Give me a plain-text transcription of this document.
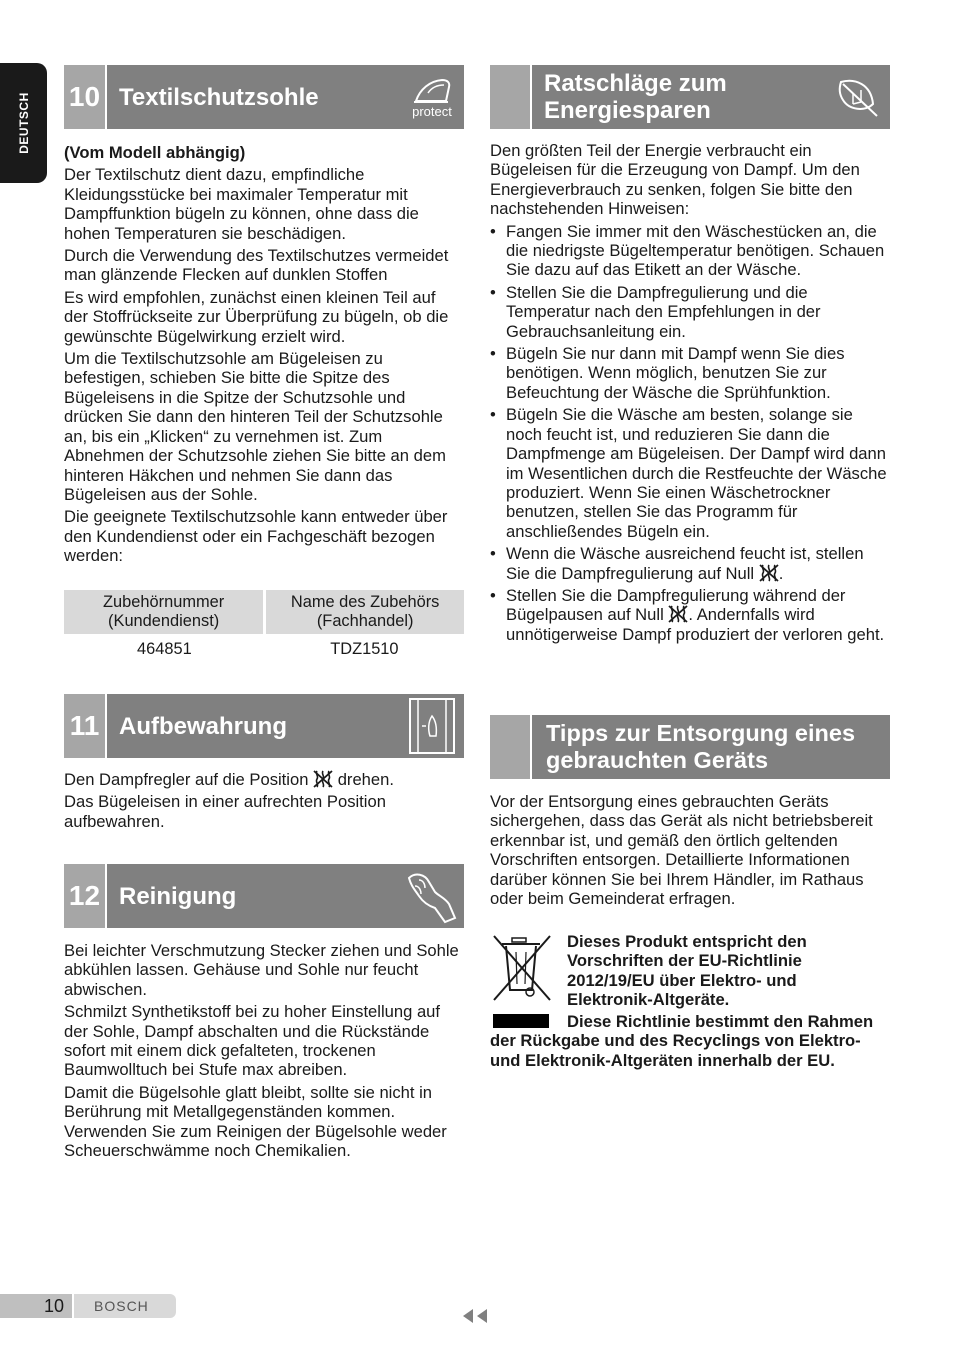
DEUTSCH 10 Textilschutzsohle
protect

(Vom Modell abhängig)

Der Textilschutz dient dazu, empfindliche Kleidungsstücke bei maximaler Temperatur mit Dampffunktion bügeln zu können, ohne dass die hohen Temperaturen sie beschädigen.

Durch die Verwendung des Textilschutzes vermeidet man glänzende Flecken auf dunklen Stoffen

Es wird empfohlen, zunächst einen kleinen Teil auf der Stoffrückseite zur Überprüfung zu bügeln, ob die gewünschte Bügelwirkung erzielt wird.

Um die Textilschutzsohle am Bügeleisen zu befestigen, schieben Sie bitte die Spitze des Bügeleisens in die Spitze der Schutzsohle und drücken Sie dann den hinteren Teil der Schutzsohle an, bis ein „Klicken“ zu vernehmen ist. Zum Abnehmen der Schutzsohle ziehen Sie bitte an dem hinteren Häkchen und nehmen Sie dann das Bügeleisen aus der Sohle.

Die geeignete Textilschutzsohle kann entweder über den Kundendienst oder ein Fachgeschäft bezogen werden:

Zubehörnummer (Kundendienst)	Name des Zubehörs (Fachhandel)
464851	TDZ1510
11 Aufbewahrung

Den Dampfregler auf die Position drehen.

Das Bügeleisen in einer aufrechten Position aufbewahren.

12 Reinigung

Bei leichter Verschmutzung Stecker ziehen und Sohle abkühlen lassen. Gehäuse und Sohle nur feucht abwischen.

Schmilzt Synthetikstoff bei zu hoher Einstellung auf der Sohle, Dampf abschalten und die Rückstände sofort mit einem dick gefalteten, trockenen Baumwolltuch bei Stufe max abreiben.

Damit die Bügelsohle glatt bleibt, sollte sie nicht in Berührung mit Metallgegenständen kommen. Verwenden Sie zum Reinigen der Bügelsohle weder Scheuerschwämme noch Chemikalien.

Ratschläge zum Energiesparen

Den größten Teil der Energie verbraucht ein Bügeleisen für die Erzeugung von Dampf. Um den Energieverbrauch zu senken, folgen Sie bitte den nachstehenden Hinweisen:

• Fangen Sie immer mit den Wäschestücken an, die die niedrigste Bügeltemperatur benötigen. Schauen Sie dazu auf das Etikett an der Wäsche.
• Stellen Sie die Dampfregulierung und die Temperatur nach den Empfehlungen in der Gebrauchsanleitung ein.
• Bügeln Sie nur dann mit Dampf wenn Sie dies benötigen. Wenn möglich, benutzen Sie zur Befeuchtung der Wäsche die Sprühfunktion.
• Bügeln Sie die Wäsche am besten, solange sie noch feucht ist, und reduzieren Sie dann die Dampfmenge am Bügeleisen. Der Dampf wird dann im Wesentlichen durch die Restfeuchte der Wäsche produziert. Wenn Sie einen Wäschetrockner benutzen, stellen Sie das Programm für anschließendes Bügeln ein.
• Wenn die Wäsche ausreichend feucht ist, stellen Sie die Dampfregulierung auf Null .
• Stellen Sie die Dampfregulierung während der Bügelpausen auf Null . Andernfalls wird unnötigerweise Dampf produziert der verloren geht.
Tipps zur Entsorgung eines gebrauchten Geräts

Vor der Entsorgung eines gebrauchten Geräts sichergehen, dass das Gerät als nicht betriebsbereit erkennbar ist, und gemäß den örtlich geltenden Vorschriften entsorgen. Detaillierte Informationen darüber können Sie bei Ihrem Händler, im Rathaus oder beim Gemeinderat erfragen.

Dieses Produkt entspricht den Vorschriften der EU-Richtlinie 2012/19/EU über Elektro- und Elektronik-Altgeräte.
Diese Richtlinie bestimmt den Rahmen der Rückgabe und des Recyclings von Elektro- und Elektronik-Altgeräten innerhalb der EU.
10	BOSCH
